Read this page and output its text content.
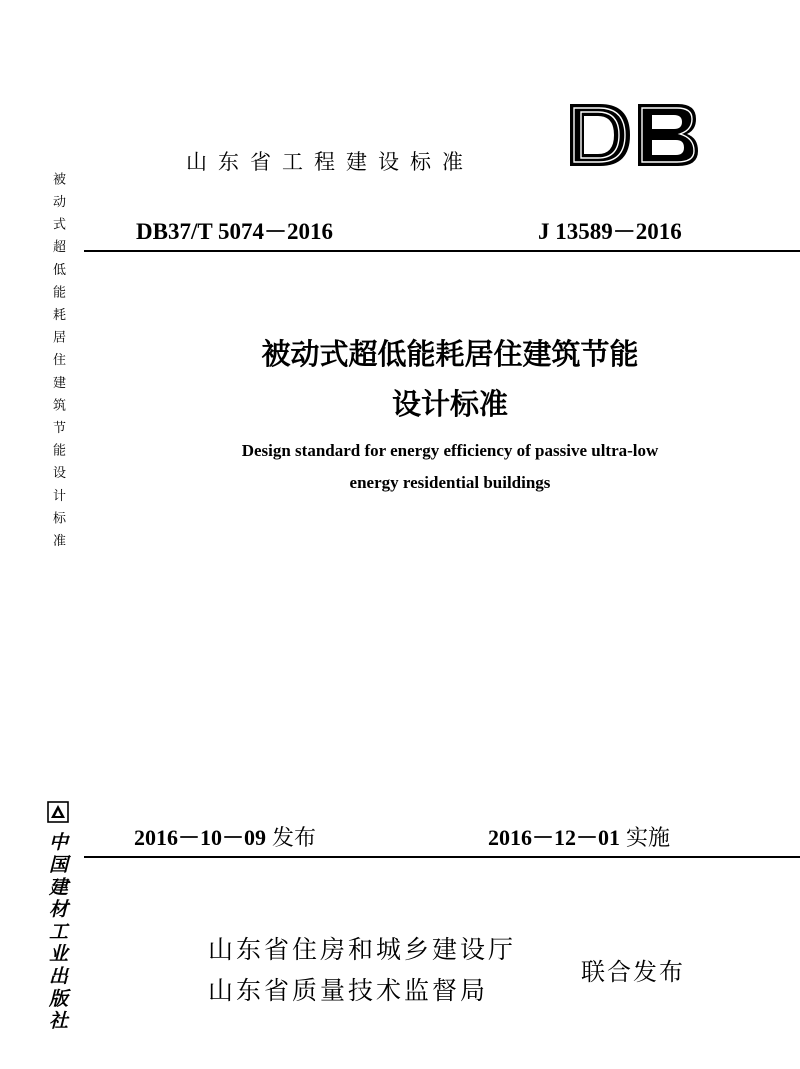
被动式超低能耗居住建筑节能设计标准
中国建材工业出版社
山东省工程建设标准
DB37/T 5074－2016	J 13589－2016
被动式超低能耗居住建筑节能
设计标准
Design standard for energy efficiency of passive ultra-low
energy residential buildings
2016－10－09 发布	2016－12－01 实施
山东省住房和城乡建设厅
山东省质量技术监督局
联合发布
